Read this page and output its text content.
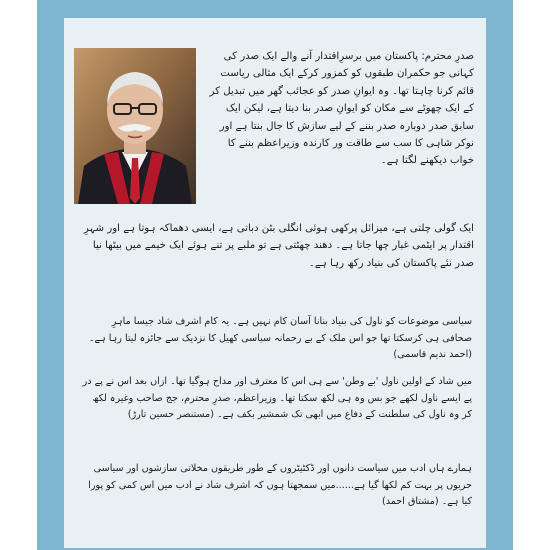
صدرِ محترم: پاکستان میں برسرِاقتدار آنے والے ایک صدر کی کہانی جو حکمران طبقوں کو کمزور کرکے ایک مثالی ریاست قائم کرنا چاہتا تھا۔ وہ ایوانِ صدر کو عجائب گھر میں تبدیل کر کے ایک چھوٹے سے مکان کو ایوانِ صدر بنا دیتا ہے، لیکن ایک سابق صدر دوبارہ صدر بننے کے لیے سازش کا جال بنتا ہے اور نوکر شاہی کا سب سے طاقت ور کارندہ وزیراعظم بننے کا خواب دیکھنے لگتا ہے۔

ایک گولی چلتی ہے، میزائل پرکھی ہوئی انگلی بٹن دباتی ہے، ایسی دھماکہ ہوتا ہے اور شہرِ اقتدار پر ایٹمی غبار چھا جاتا ہے۔ دھند چھٹتی ہے تو ملبے پر تنے ہوئے ایک خیمے میں بیٹھا نیا صدر نئے پاکستان کی بنیاد رکھ رہا ہے۔

سیاسی موضوعات کو ناول کی بنیاد بنانا آسان کام نہیں ہے۔ یہ کام اشرف شاد جیسا ماہرِ صحافی ہی کرسکتا تھا جو اس ملک کے بے رحمانہ سیاسی کھیل کا نزدیک سے جائزہ لیتا رہا ہے۔ (احمد ندیم قاسمی)

میں شاد کے اولین ناول 'بے وطن' سے ہی اس کا معترف اور مداح ہوگیا تھا۔ ازاں بعد اس نے پے در پے ایسے ناول لکھے جو بس وہ ہی لکھ سکتا تھا۔ وزیراعظم، صدرِ محترم، جج صاحب وغیرہ لکھ کر وہ ناول کی سلطنت کے دفاع میں ابھی تک شمشیر بکف ہے۔ (مستنصر حسین تارڑ)

ہمارے ہاں ادب میں سیاست دانوں اور ڈکٹیٹروں کے طور طریقوں مخلاتی سازشوں اور سیاسی حربوں پر بہت کم لکھا گیا ہے......میں سمجھتا ہوں کہ اشرف شاد نے ادب میں اس کمی کو پورا کیا ہے۔ (مشتاق احمد)
